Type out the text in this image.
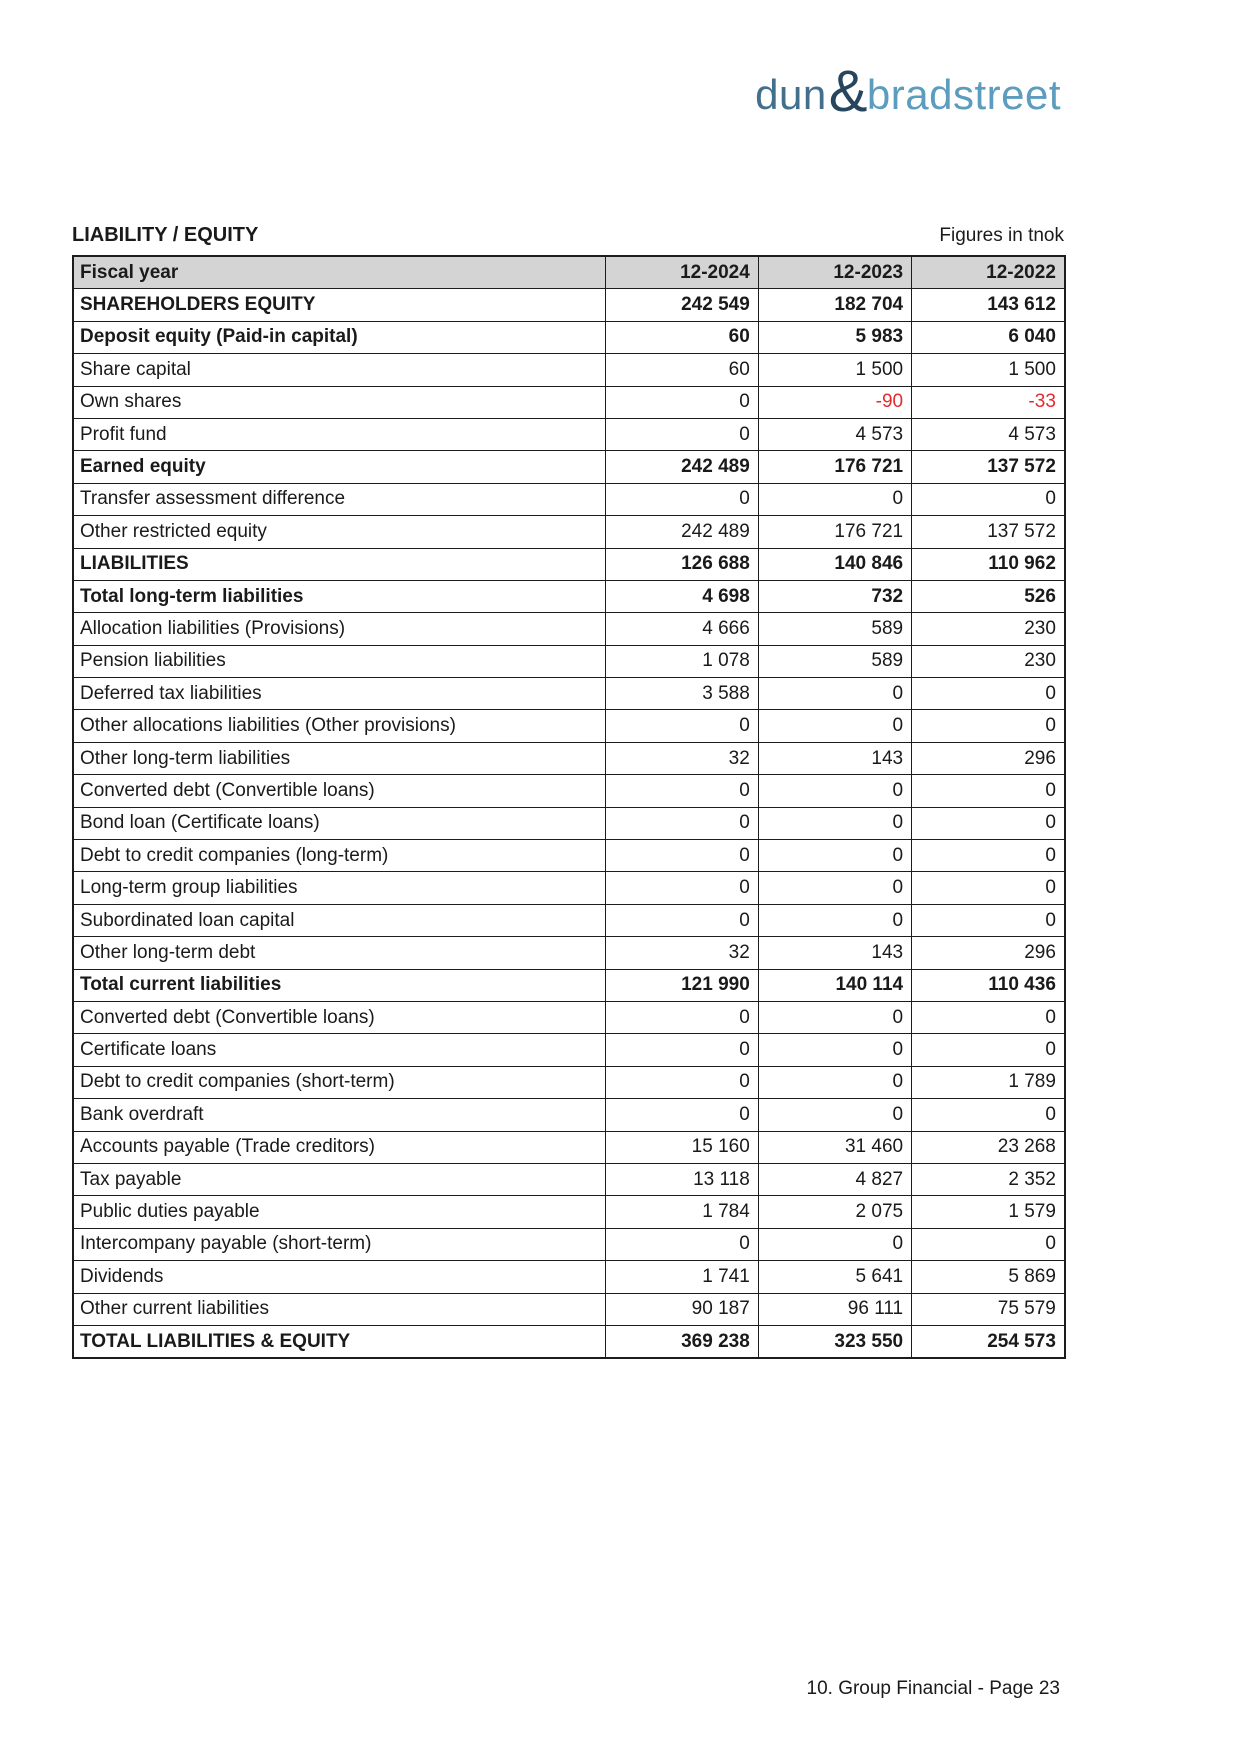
dun & bradstreet
LIABILITY / EQUITY	Figures in tnok
Fiscal year	12-2024	12-2023	12-2022
SHAREHOLDERS EQUITY	242 549	182 704	143 612
Deposit equity (Paid-in capital)	60	5 983	6 040
Share capital	60	1 500	1 500
Own shares	0	-90	-33
Profit fund	0	4 573	4 573
Earned equity	242 489	176 721	137 572
Transfer assessment difference	0	0	0
Other restricted equity	242 489	176 721	137 572
LIABILITIES	126 688	140 846	110 962
Total long-term liabilities	4 698	732	526
Allocation liabilities (Provisions)	4 666	589	230
Pension liabilities	1 078	589	230
Deferred tax liabilities	3 588	0	0
Other allocations liabilities (Other provisions)	0	0	0
Other long-term liabilities	32	143	296
Converted debt (Convertible loans)	0	0	0
Bond loan (Certificate loans)	0	0	0
Debt to credit companies (long-term)	0	0	0
Long-term group liabilities	0	0	0
Subordinated loan capital	0	0	0
Other long-term debt	32	143	296
Total current liabilities	121 990	140 114	110 436
Converted debt (Convertible loans)	0	0	0
Certificate loans	0	0	0
Debt to credit companies (short-term)	0	0	1 789
Bank overdraft	0	0	0
Accounts payable (Trade creditors)	15 160	31 460	23 268
Tax payable	13 118	4 827	2 352
Public duties payable	1 784	2 075	1 579
Intercompany payable (short-term)	0	0	0
Dividends	1 741	5 641	5 869
Other current liabilities	90 187	96 111	75 579
TOTAL LIABILITIES & EQUITY	369 238	323 550	254 573
10. Group Financial - Page 23
